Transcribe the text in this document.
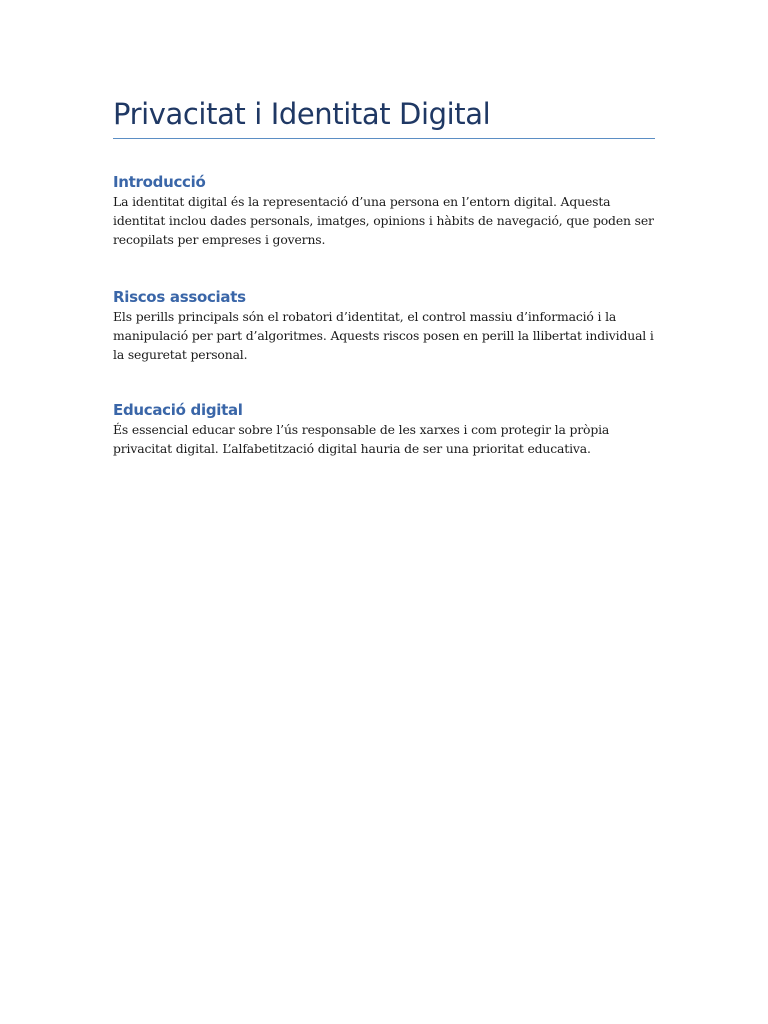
Privacitat i Identitat Digital
Introducció

La identitat digital és la representació d’una persona en l’entorn digital. Aquesta identitat inclou dades personals, imatges, opinions i hàbits de navegació, que poden ser recopilats per empreses i governs.

Riscos associats

Els perills principals són el robatori d’identitat, el control massiu d’informació i la manipulació per part d’algoritmes. Aquests riscos posen en perill la llibertat individual i la seguretat personal.

Educació digital

És essencial educar sobre l’ús responsable de les xarxes i com protegir la pròpia privacitat digital. L’alfabetització digital hauria de ser una prioritat educativa.
